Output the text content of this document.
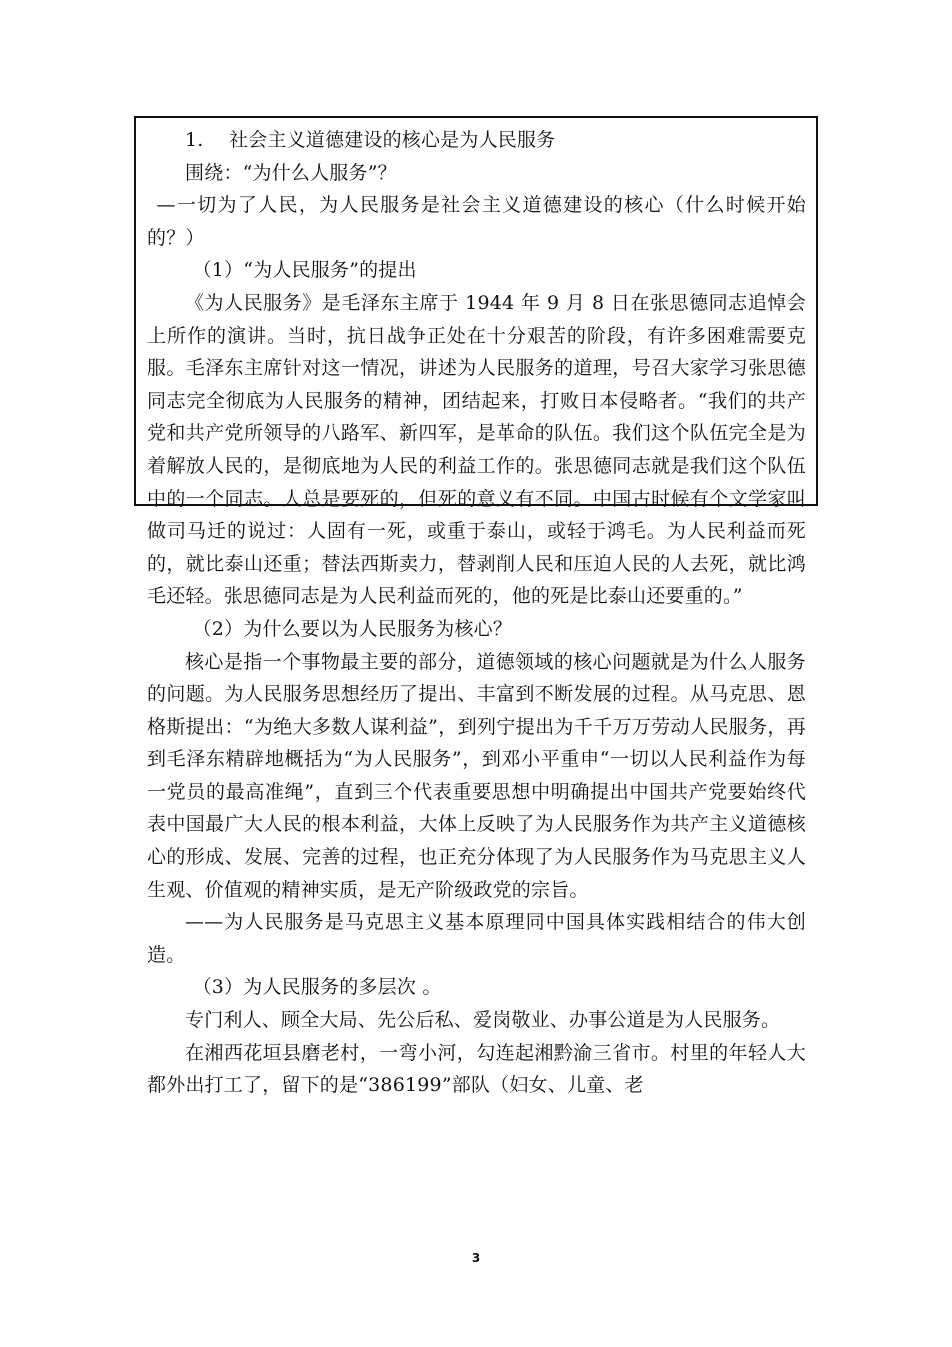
1.　 社会主义道德建设的核心是为人民服务

围绕：“为什么人服务”？

—一切为了人民，为人民服务是社会主义道德建设的核心（什么时候开始的？）

（1）“为人民服务”的提出

《为人民服务》是毛泽东主席于 1944 年 9 月 8 日在张思德同志追悼会上所作的演讲。当时，抗日战争正处在十分艰苦的阶段，有许多困难需要克服。毛泽东主席针对这一情况，讲述为人民服务的道理，号召大家学习张思德同志完全彻底为人民服务的精神，团结起来，打败日本侵略者。“我们的共产党和共产党所领导的八路军、新四军，是革命的队伍。我们这个队伍完全是为着解放人民的，是彻底地为人民的利益工作的。张思德同志就是我们这个队伍中的一个同志。人总是要死的，但死的意义有不同。中国古时候有个文学家叫做司马迁的说过：人固有一死，或重于泰山，或轻于鸿毛。为人民利益而死的，就比泰山还重；替法西斯卖力，替剥削人民和压迫人民的人去死，就比鸿毛还轻。张思德同志是为人民利益而死的，他的死是比泰山还要重的。”

（2）为什么要以为人民服务为核心？

核心是指一个事物最主要的部分，道德领域的核心问题就是为什么人服务的问题。为人民服务思想经历了提出、丰富到不断发展的过程。从马克思、恩格斯提出：“为绝大多数人谋利益”，到列宁提出为千千万万劳动人民服务，再到毛泽东精辟地概括为“为人民服务”，到邓小平重申“一切以人民利益作为每一党员的最高准绳”，直到三个代表重要思想中明确提出中国共产党要始终代表中国最广大人民的根本利益，大体上反映了为人民服务作为共产主义道德核心的形成、发展、完善的过程，也正充分体现了为人民服务作为马克思主义人生观、价值观的精神实质，是无产阶级政党的宗旨。

——为人民服务是马克思主义基本原理同中国具体实践相结合的伟大创造。

（3）为人民服务的多层次 。

专门利人、顾全大局、先公后私、爱岗敬业、办事公道是为人民服务。

在湘西花垣县磨老村，一弯小河，勾连起湘黔渝三省市。村里的年轻人大都外出打工了，留下的是“386199”部队（妇女、儿童、老

3
